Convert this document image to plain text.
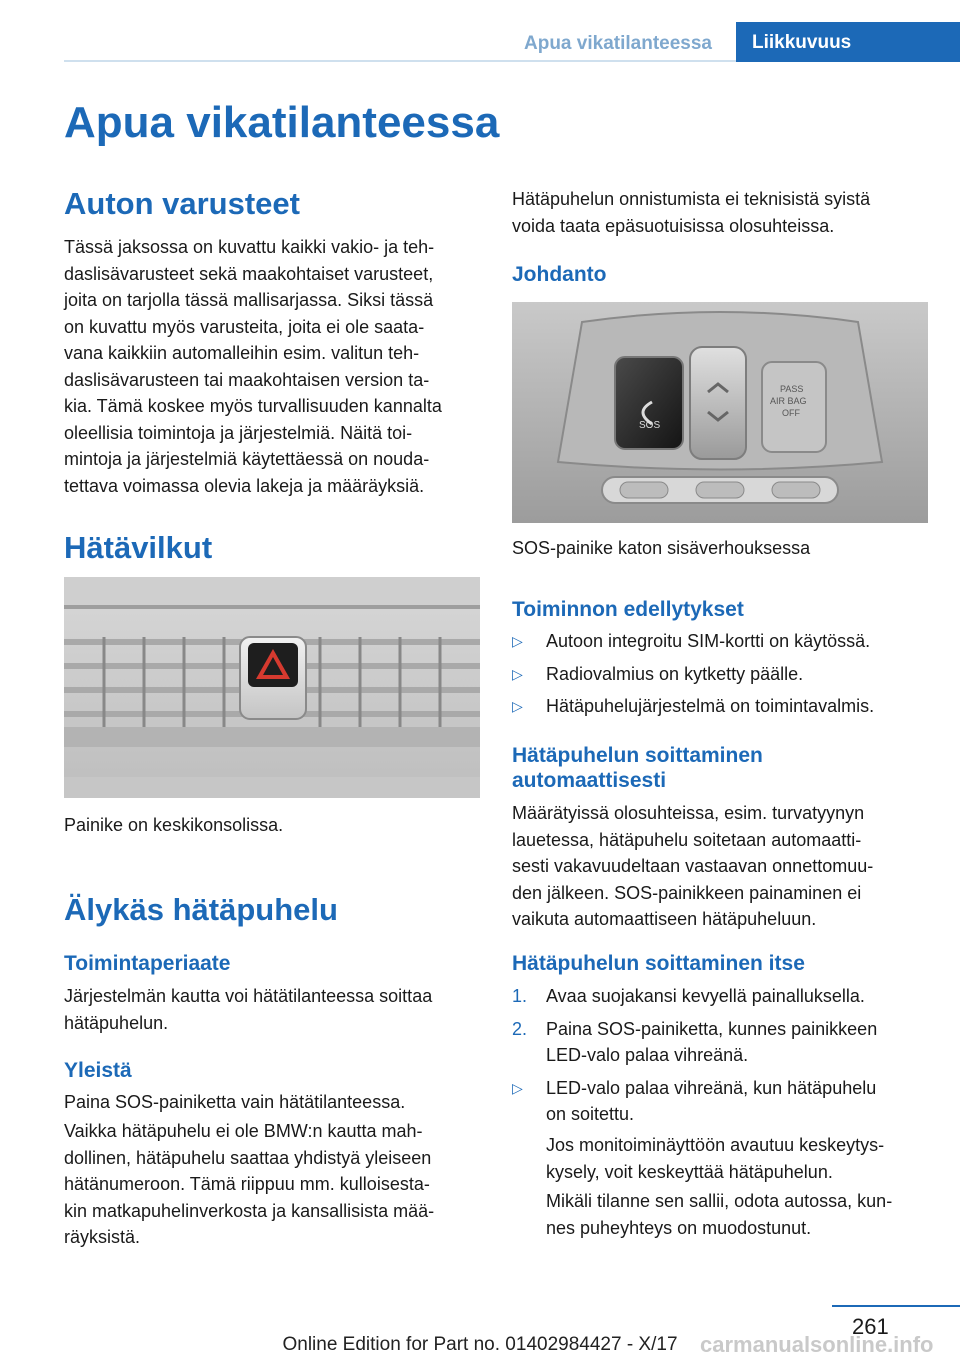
Apua vikatilanteessa	Liikkuvuus
Apua vikatilanteessa
Auton varusteet
Tässä jaksossa on kuvattu kaikki vakio- ja teh-
daslisävarusteet sekä maakohtaiset varusteet,
joita on tarjolla tässä mallisarjassa. Siksi tässä
on kuvattu myös varusteita, joita ei ole saata-
vana kaikkiin automalleihin esim. valitun teh-
daslisävarusteen tai maakohtaisen version ta-
kia. Tämä koskee myös turvallisuuden kannalta
oleellisia toimintoja ja järjestelmiä. Näitä toi-
mintoja ja järjestelmiä käytettäessä on nouda-
tettava voimassa olevia lakeja ja määräyksiä.
Hätävilkut
Painike on keskikonsolissa.
Älykäs hätäpuhelu
Toimintaperiaate
Järjestelmän kautta voi hätätilanteessa soittaa
hätäpuhelun.
Yleistä
Paina SOS-painiketta vain hätätilanteessa.
Vaikka hätäpuhelu ei ole BMW:n kautta mah-
dollinen, hätäpuhelu saattaa yhdistyä yleiseen
hätänumeroon. Tämä riippuu mm. kulloisesta-
kin matkapuhelinverkosta ja kansallisista mää-
räyksistä.
Hätäpuhelun onnistumista ei teknisistä syistä
voida taata epäsuotuisissa olosuhteissa.
Johdanto
SOS
PASS
AIR BAG
OFF
SOS-painike katon sisäverhouksessa
Toiminnon edellytykset
▷ Autoon integroitu SIM-kortti on käytössä.
▷ Radiovalmius on kytketty päälle.
▷ Hätäpuhelujärjestelmä on toimintavalmis.
Hätäpuhelun soittaminen
automaattisesti
Määrätyissä olosuhteissa, esim. turvatyynyn
lauetessa, hätäpuhelu soitetaan automaatti-
sesti vakavuudeltaan vastaavan onnettomuu-
den jälkeen. SOS-painikkeen painaminen ei
vaikuta automaattiseen hätäpuheluun.
Hätäpuhelun soittaminen itse
1. Avaa suojakansi kevyellä painalluksella.
2. Paina SOS-painiketta, kunnes painikkeen
LED-valo palaa vihreänä.
▷ LED-valo palaa vihreänä, kun hätäpuhelu
on soitettu.

Jos monitoiminäyttöön avautuu keskeytys-

kysely, voit keskeyttää hätäpuhelun.

Mikäli tilanne sen sallii, odota autossa, kun-

nes puheyhteys on muodostunut.

261
Online Edition for Part no. 01402984427 - X/17	carmanualsonline.info
